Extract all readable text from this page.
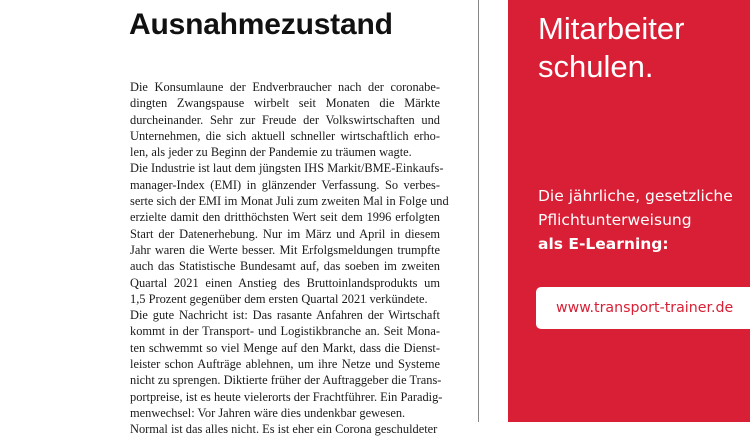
Ausnahmezustand
Die Konsumlaune der Endverbraucher nach der coronabe-
dingten Zwangspause wirbelt seit Monaten die Märkte
durcheinander. Sehr zur Freude der Volkswirtschaften und
Unternehmen, die sich aktuell schneller wirtschaftlich erho-
len, als jeder zu Beginn der Pandemie zu träumen wagte.
Die Industrie ist laut dem jüngsten IHS Markit/BME-Einkaufs-
manager-Index (EMI) in glänzender Verfassung. So verbes-
serte sich der EMI im Monat Juli zum zweiten Mal in Folge und
erzielte damit den dritthöchsten Wert seit dem 1996 erfolgten
Start der Datenerhebung. Nur im März und April in diesem
Jahr waren die Werte besser. Mit Erfolgsmeldungen trumpfte
auch das Statistische Bundesamt auf, das soeben im zweiten
Quartal 2021 einen Anstieg des Bruttoinlandsprodukts um
1,5 Prozent gegenüber dem ersten Quartal 2021 verkündete.
Die gute Nachricht ist: Das rasante Anfahren der Wirtschaft
kommt in der Transport- und Logistikbranche an. Seit Mona-
ten schwemmt so viel Menge auf den Markt, dass die Dienst-
leister schon Aufträge ablehnen, um ihre Netze und Systeme
nicht zu sprengen. Diktierte früher der Auftraggeber die Trans-
portpreise, ist es heute vielerorts der Frachtführer. Ein Paradig-
menwechsel: Vor Jahren wäre dies undenkbar gewesen.
Normal ist das alles nicht. Es ist eher ein Corona geschuldeter
Mitarbeiter
schulen.
Die jährliche, gesetzliche
Pflichtunterweisung
als E-Learning:
www.transport-trainer.de
